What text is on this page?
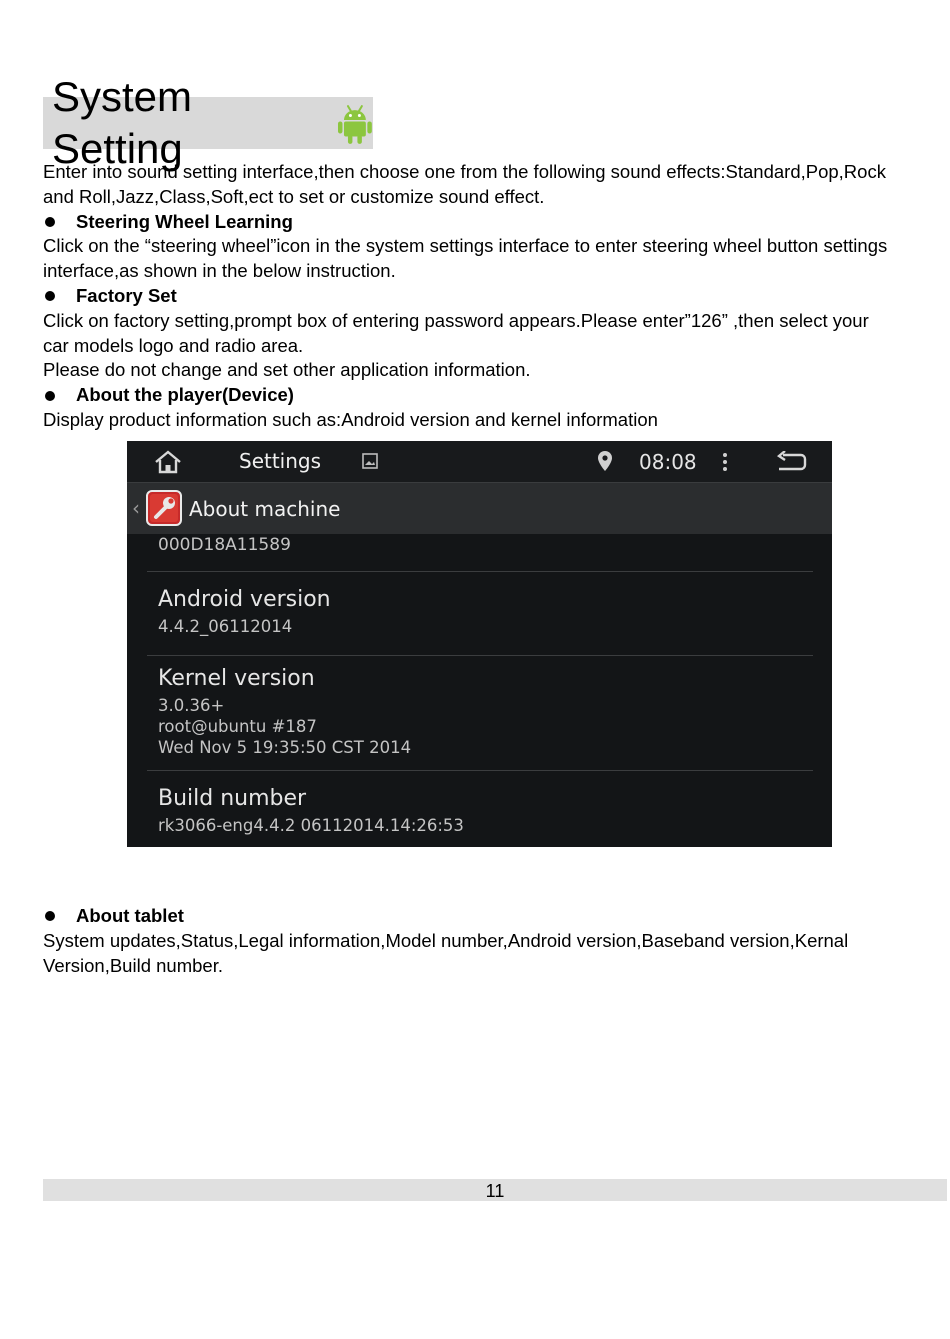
System Setting

Enter into sound setting interface,then choose one from the following sound effects:Standard,Pop,Rock

and Roll,Jazz,Class,Soft,ect to set or customize sound effect.

Steering Wheel Learning

Click on the “steering wheel”icon in the system settings interface to enter steering wheel button settings

interface,as shown in the below instruction.

Factory Set

Click on factory setting,prompt box of entering password appears.Please enter”126” ,then select your

car models logo and radio area.

Please do not change and set other application information.

About the player(Device)

Display product information such as:Android version and kernel information

Settings	08:08
‹ About machine
000D18A11589
Android version
4.4.2_06112014
Kernel version
3.0.36+
root@ubuntu #187
Wed Nov 5 19:35:50 CST 2014
Build number
rk3066-eng4.4.2 06112014.14:26:53
About tablet

System updates,Status,Legal information,Model number,Android version,Baseband version,Kernal

Version,Build number.

11
